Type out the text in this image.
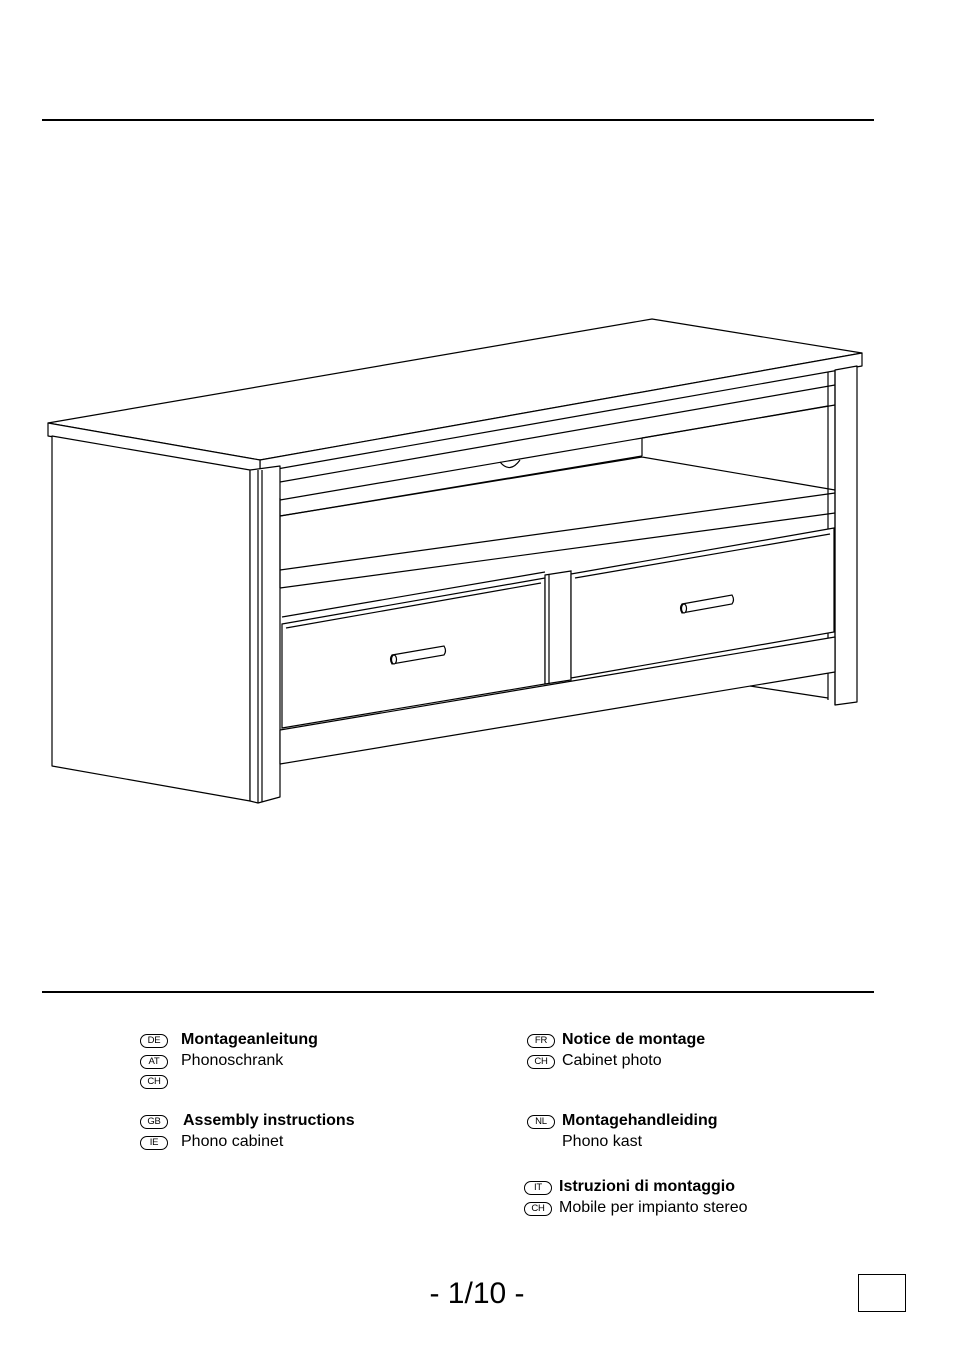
DE	Montageanleitung
AT	Phonoschrank
CH
GB	Assembly instructions
IE	Phono cabinet
FR Notice de montage
CH Cabinet photo
NL Montagehandleiding
Phono kast
IT	Istruzioni di montaggio
CH Mobile per impianto stereo
- 1/10 -
